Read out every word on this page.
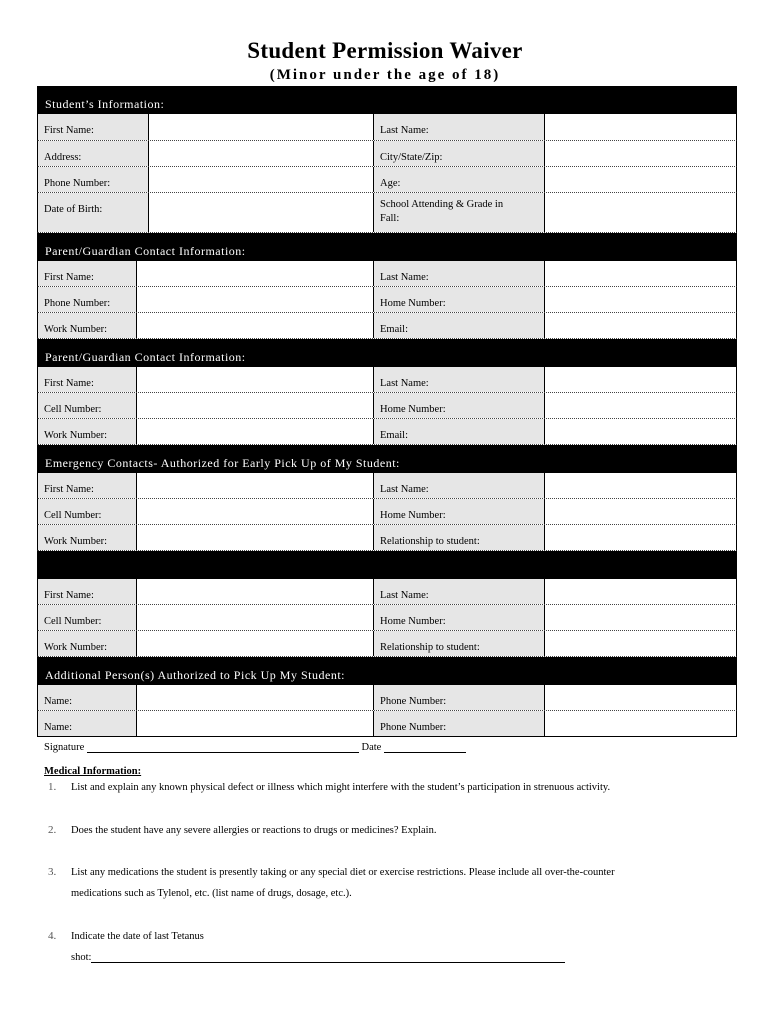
Student Permission Waiver
(Minor under the age of 18)
Student’s Information:
First Name:	Last Name:
Address:	City/State/Zip:
Phone Number:	Age:
Date of Birth:	School Attending & Grade in Fall:
Parent/Guardian Contact Information:
First Name:	Last Name:
Phone Number:	Home Number:
Work Number:	Email:
Parent/Guardian Contact Information:
First Name:	Last Name:
Cell Number:	Home Number:
Work Number:	Email:
Emergency Contacts- Authorized for Early Pick Up of My Student:
First Name:	Last Name:
Cell Number:	Home Number:
Work Number:	Relationship to student:
First Name:	Last Name:
Cell Number:	Home Number:
Work Number:	Relationship to student:
Additional Person(s) Authorized to Pick Up My Student:
Name:	Phone Number:
Name:	Phone Number:
Signature	Date
Medical Information:
1. List and explain any known physical defect or illness which might interfere with the student’s participation in strenuous activity.
2. Does the student have any severe allergies or reactions to drugs or medicines? Explain.
3. List any medications the student is presently taking or any special diet or exercise restrictions. Please include all over-the-counter
medications such as Tylenol, etc. (list name of drugs, dosage, etc.).
4. Indicate the date of last Tetanus
shot:
